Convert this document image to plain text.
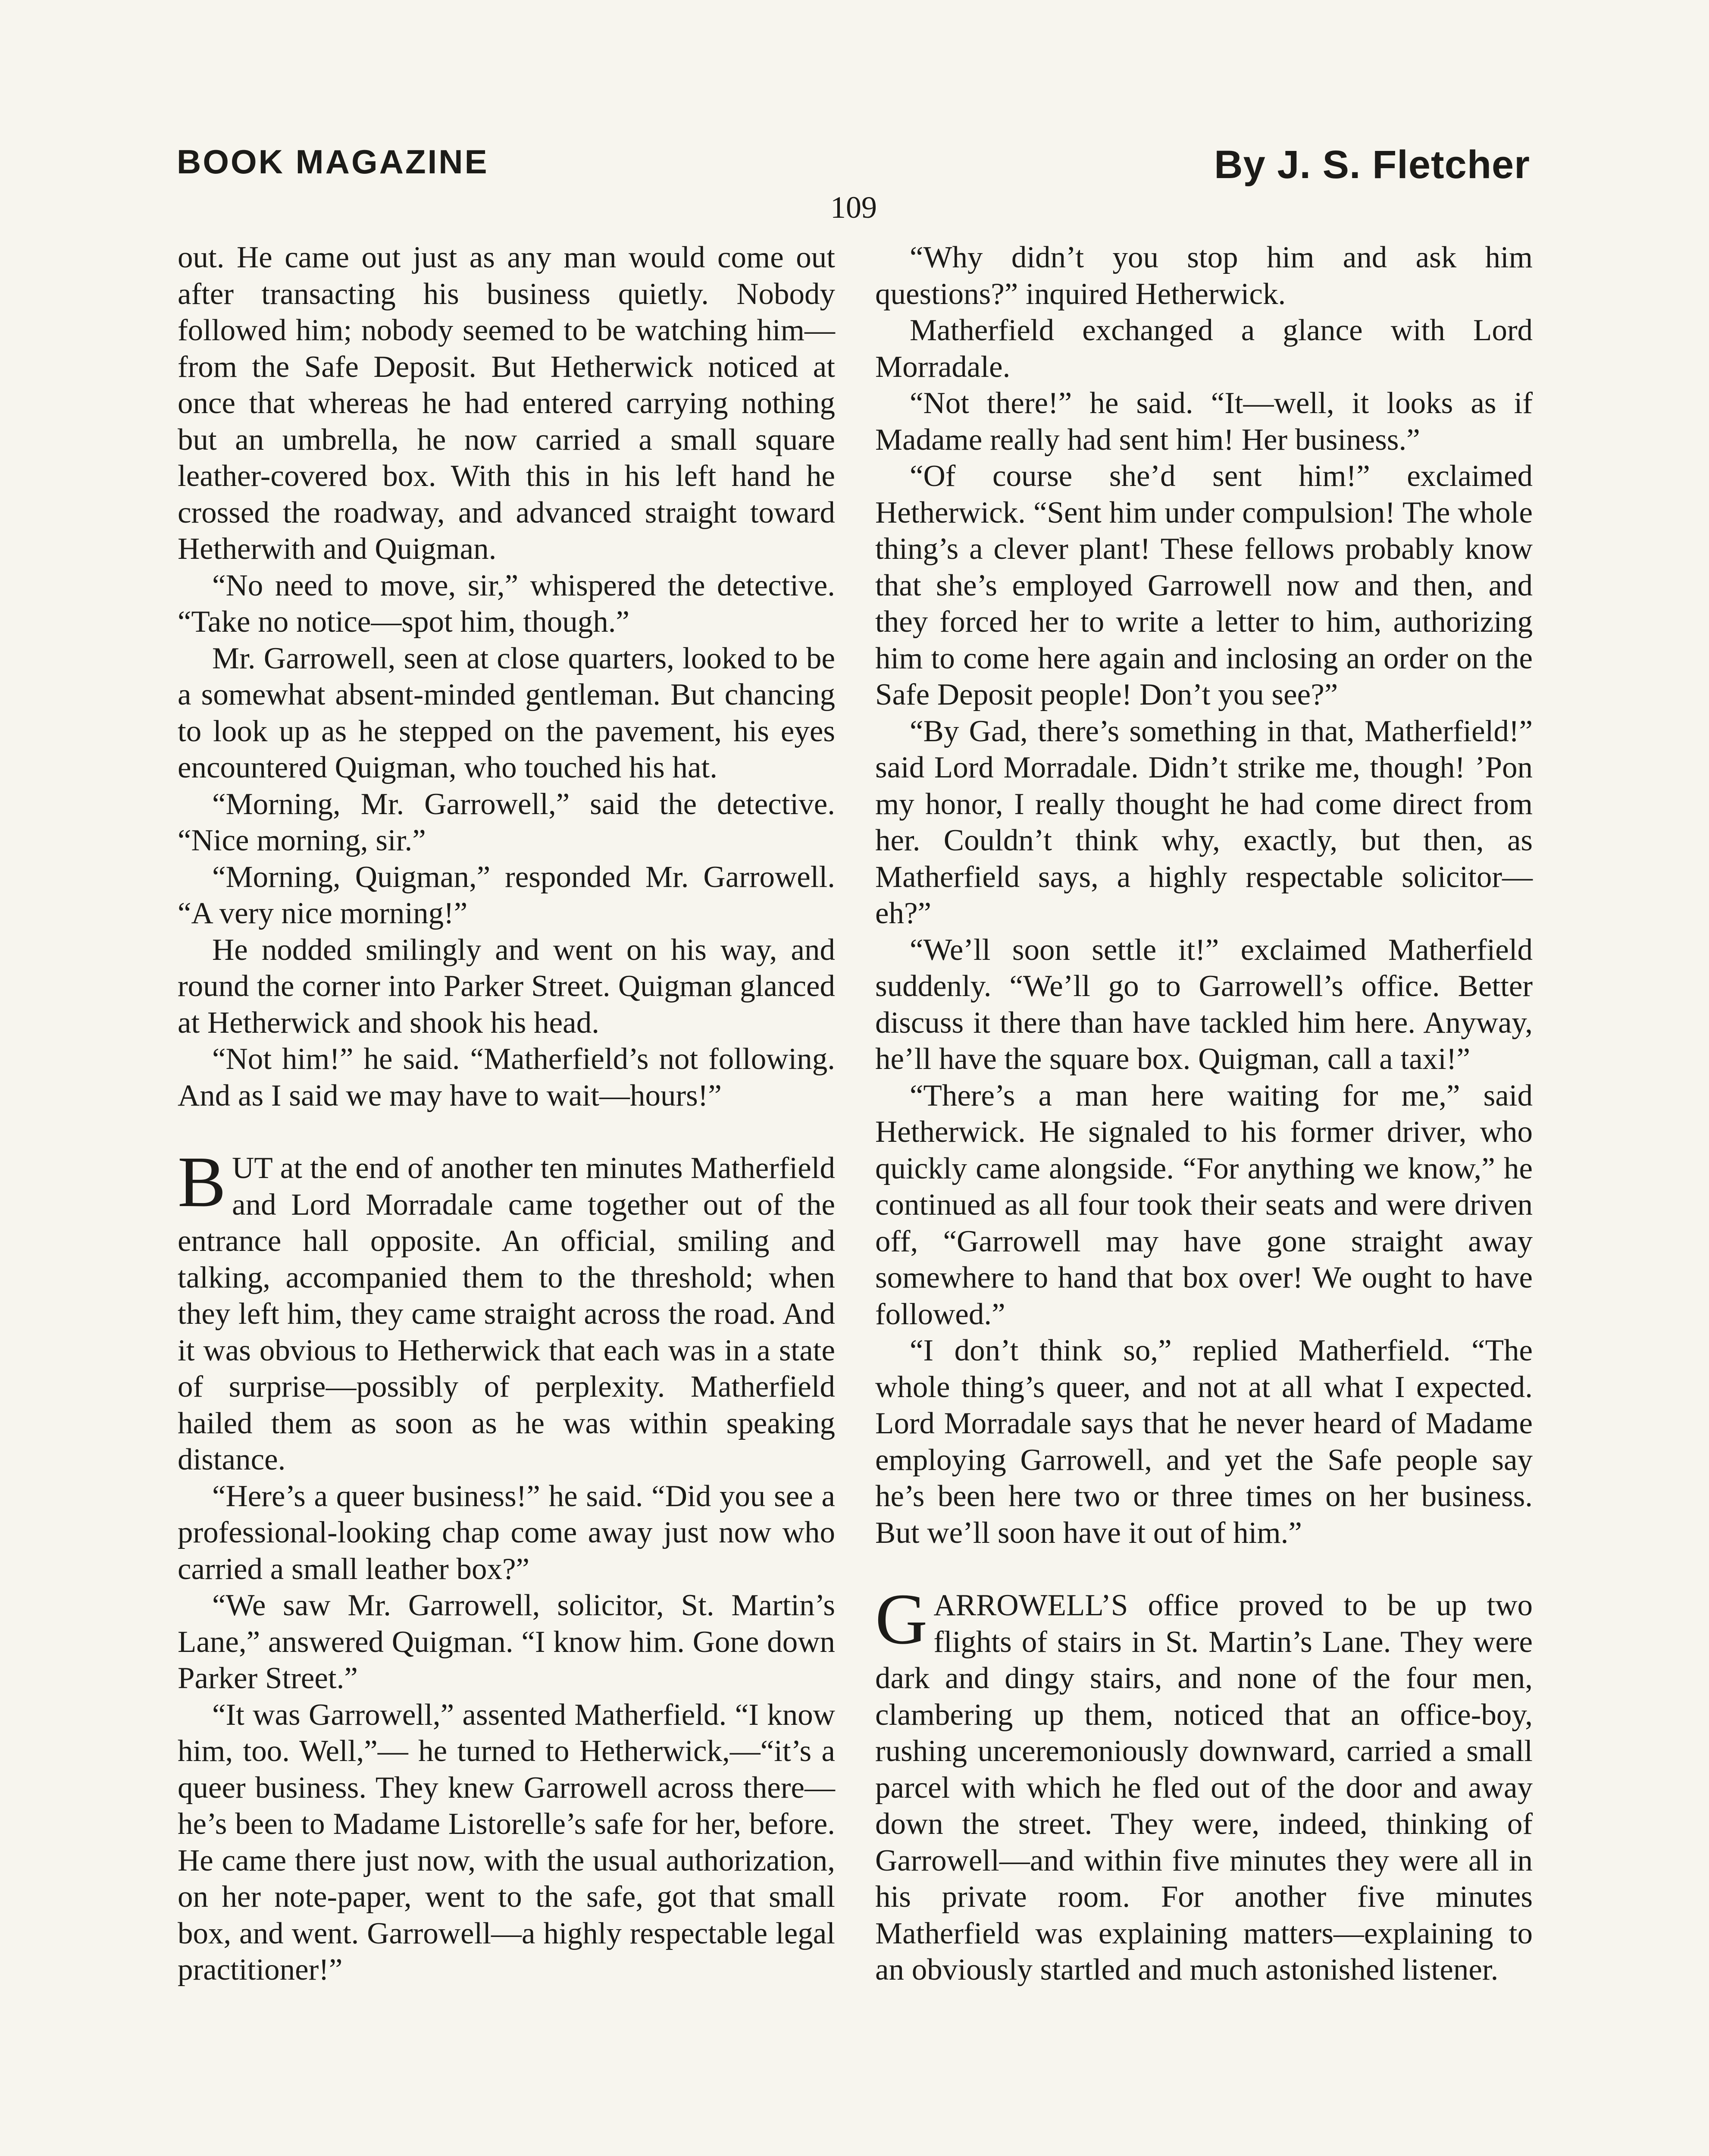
BOOK MAGAZINE	By J. S. Fletcher
109

out. He came out just as any man would come out after transacting his business quietly. Nobody followed him; nobody seemed to be watching him—from the Safe Deposit. But Hetherwick noticed at once that whereas he had entered carrying nothing but an umbrella, he now carried a small square leather-covered box. With this in his left hand he crossed the roadway, and advanced straight toward Hetherwith and Quigman.

“No need to move, sir,” whispered the detective. “Take no notice—spot him, though.”

Mr. Garrowell, seen at close quarters, looked to be a somewhat absent-minded gentleman. But chancing to look up as he stepped on the pavement, his eyes encountered Quigman, who touched his hat.

“Morning, Mr. Garrowell,” said the detective. “Nice morning, sir.”

“Morning, Quigman,” responded Mr. Garrowell. “A very nice morning!”

He nodded smilingly and went on his way, and round the corner into Parker Street. Quigman glanced at Hetherwick and shook his head.

“Not him!” he said. “Matherfield’s not following. And as I said we may have to wait—hours!”

BUT at the end of another ten minutes Matherfield and Lord Morradale came together out of the entrance hall opposite. An official, smiling and talking, accompanied them to the threshold; when they left him, they came straight across the road. And it was obvious to Hetherwick that each was in a state of surprise—possibly of perplexity. Matherfield hailed them as soon as he was within speaking distance.

“Here’s a queer business!” he said. “Did you see a professional-looking chap come away just now who carried a small leather box?”

“We saw Mr. Garrowell, solicitor, St. Martin’s Lane,” answered Quigman. “I know him. Gone down Parker Street.”

“It was Garrowell,” assented Matherfield. “I know him, too. Well,”— he turned to Hetherwick,—“it’s a queer business. They knew Garrowell across there—he’s been to Madame Listorelle’s safe for her, before. He came there just now, with the usual authorization, on her note-paper, went to the safe, got that small box, and went. Garrowell—a highly respectable legal practitioner!”

“Why didn’t you stop him and ask him questions?” inquired Hetherwick.

Matherfield exchanged a glance with Lord Morradale.

“Not there!” he said. “It—well, it looks as if Madame really had sent him! Her business.”

“Of course she’d sent him!” exclaimed Hetherwick. “Sent him under compulsion! The whole thing’s a clever plant! These fellows probably know that she’s employed Garrowell now and then, and they forced her to write a letter to him, authorizing him to come here again and inclosing an order on the Safe Deposit people! Don’t you see?”

“By Gad, there’s something in that, Matherfield!” said Lord Morradale. Didn’t strike me, though! ’Pon my honor, I really thought he had come direct from her. Couldn’t think why, exactly, but then, as Matherfield says, a highly respectable solicitor—eh?”

“We’ll soon settle it!” exclaimed Matherfield suddenly. “We’ll go to Garrowell’s office. Better discuss it there than have tackled him here. Anyway, he’ll have the square box. Quigman, call a taxi!”

“There’s a man here waiting for me,” said Hetherwick. He signaled to his former driver, who quickly came alongside. “For anything we know,” he continued as all four took their seats and were driven off, “Garrowell may have gone straight away somewhere to hand that box over! We ought to have followed.”

“I don’t think so,” replied Matherfield. “The whole thing’s queer, and not at all what I expected. Lord Morradale says that he never heard of Madame employing Garrowell, and yet the Safe people say he’s been here two or three times on her business. But we’ll soon have it out of him.”

GARROWELL’S office proved to be up two flights of stairs in St. Martin’s Lane. They were dark and dingy stairs, and none of the four men, clambering up them, noticed that an office-boy, rushing unceremoniously downward, carried a small parcel with which he fled out of the door and away down the street. They were, indeed, thinking of Garrowell—and within five minutes they were all in his private room. For another five minutes Matherfield was explaining matters—explaining to an obviously startled and much astonished listener.
